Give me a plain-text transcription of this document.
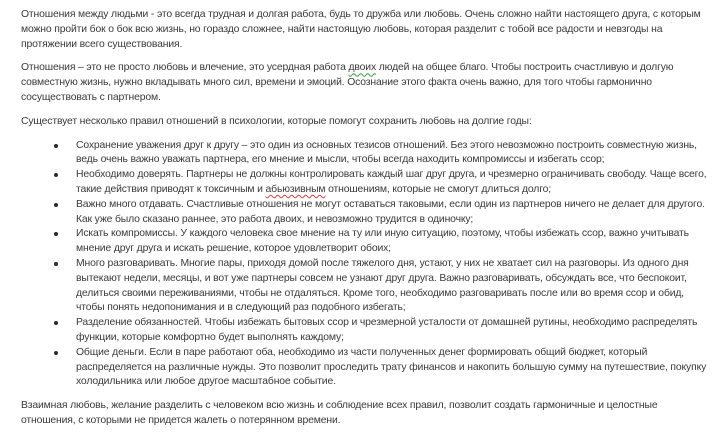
Отношения между людьми - это всегда трудная и долгая работа, будь то дружба или любовь. Очень сложно найти настоящего друга, с которым можно пройти бок о бок всю жизнь, но гораздо сложнее, найти настоящую любовь, которая разделит с тобой все радости и невзгоды на протяжении всего существования.

Отношения – это не просто любовь и влечение, это усердная работа двоих людей на общее благо. Чтобы построить счастливую и долгую совместную жизнь, нужно вкладывать много сил, времени и эмоций. Осознание этого факта очень важно, для того чтобы гармонично сосуществовать с партнером.

Существует несколько правил отношений в психологии, которые помогут сохранить любовь на долгие годы:

Сохранение уважения друг к другу – это один из основных тезисов отношений. Без этого невозможно построить совместную жизнь, ведь очень важно уважать партнера, его мнение и мысли, чтобы всегда находить компромиссы и избегать ссор;
Необходимо доверять. Партнеры не должны контролировать каждый шаг друг друга, и чрезмерно ограничивать свободу. Чаще всего, такие действия приводят к токсичным и абьюзивным отношениям, которые не смогут длиться долго;
Важно много отдавать. Счастливые отношения не могут оставаться таковыми, если один из партнеров ничего не делает для другого. Как уже было сказано раннее, это работа двоих, и невозможно трудится в одиночку;
Искать компромиссы. У каждого человека свое мнение на ту или иную ситуацию, поэтому, чтобы избежать ссор, важно учитывать мнение друг друга и искать решение, которое удовлетворит обоих;
Много разговаривать. Многие пары, приходя домой после тяжелого дня, устают, у них не хватает сил на разговоры. Из одного дня вытекают недели, месяцы, и вот уже партнеры совсем не узнают друг друга. Важно разговаривать, обсуждать все, что беспокоит, делиться своими переживаниями, чтобы не отдаляться. Кроме того, необходимо разговаривать после или во время ссор и обид, чтобы понять недопонимания и в следующий раз подобного избегать;
Разделение обязанностей. Чтобы избежать бытовых ссор и чрезмерной усталости от домашней рутины, необходимо распределять функции, которые комфортно будет выполнять каждому;
Общие деньги. Если в паре работают оба, необходимо из части полученных денег формировать общий бюджет, который распределяется на различные нужды. Это позволит проследить трату финансов и накопить большую сумму на путешествие, покупку холодильника или любое другое масштабное событие.

Взаимная любовь, желание разделить с человеком всю жизнь и соблюдение всех правил, позволит создать гармоничные и целостные отношения, с которыми не придется жалеть о потерянном времени.
